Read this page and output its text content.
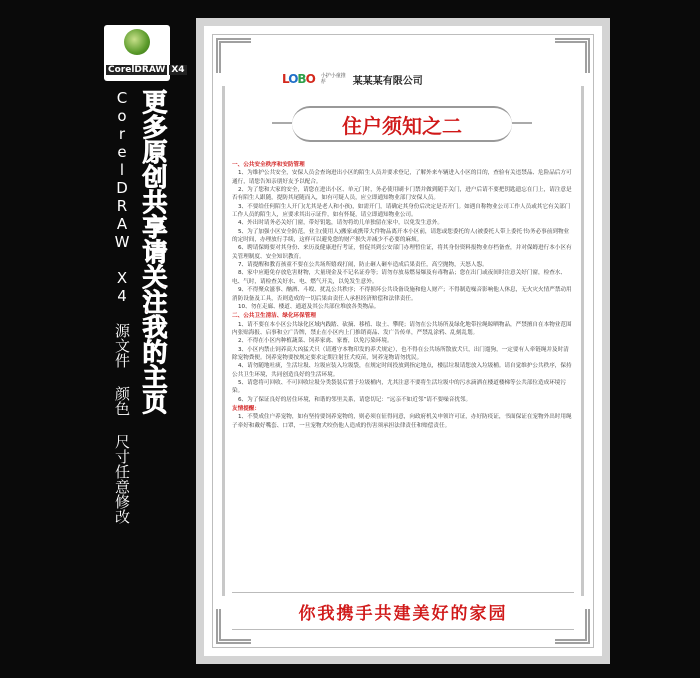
CorelDRAW X4
CorelDRAW X4 源文件 颜色 尺寸任意修改 更多原创共享请关注我的主页
LOBO 小护小童推荐	某某某有限公司
住户须知之二
一、公共安全秩序和安防管理

1、为维护公共安全，安保人员会查询进出小区的陌生人员并要求登记，了解外来车辆进入小区的目的，查验有关违禁品、危险品后方可通行，请您告知亲朋好友予以配合。

2、为了您和大家的安全，请您在进出小区、单元门时，务必使用刷卡门禁并做到随手关门，进户后请不要把钥匙遗忘在门上，请注意是否有陌生人跟随，提防其尾随而入，如有可疑人员，应立即通知物业部门安保人员。

3、不要给任何陌生人开门(尤其是老人和小孩)，如需开门，请确定其身份后决定是否开门。如遇自称物业公司工作人员或其它有关部门工作人员的陌生人，应要求其出示证件，如有怀疑，请立即通知物业公司。

4、外出时请务必关好门窗，带好钥匙，请勿将幼儿单独留在家中，以免发生意外。

5、为了加强小区安全防范，业主(使用人)搬家或携带大件物品离开本小区前，请您或您委托的人(被委托人带上委托书)务必事前到物业的定时间，办理放行手续，这样可以避免您的财产损失并减少不必要的麻烦。

6、聘请保姆要对其身份、来历及健康进行考证，督促其到公安部门办理暂住证，将其身份资料报物业存档备查，并对保姆进行本小区有关管理制度、安全知识教育。

7、请提醒和教育孩童不要在公共场所嬉戏打闹，防止砸人砸车造成后果责任，高空抛物，天怒人怨。

8、家中应避免存放危害财物，大量现金及不记名证券等；请勿存放易燃易爆及有毒物品；您在出门或夜间时注意关好门窗，检查水、电、气时，请检查关好水、电、燃气开关，以免发生意外。

9、不得聚众滋事、酗酒、斗殴、扰乱公共秩序；不得损坏公共设备设施和他人财产；不得制造噪音影响他人休息，无火灾火情严禁动用消防设备及工具，否则造成的一切后果由责任人承担经济赔偿和法律责任。

10、勿在走廊、楼道、通道及其公共部位堆放各类物品。

二、公共卫生清洁、绿化环保管理

1、请不要在本小区公共绿化区域内践踏、砍摘、移植、取土、攀爬；请勿在公共场所及绿化地带拉绳晾晒物品，严禁擅自在本物业范围内张贴海报、启事和立广告牌，禁止在小区内上门推销商品、发广告传单，严禁乱涂鸦、乱刻乱划。

2、不得在小区内种植蔬菜、饲养家禽、家畜，以免污染环境。

3、小区内禁止饲养高大凶猛犬只（请遵守本物印发的养犬规定），也不得在公共场所散放犬只，出门遛狗，一定要有人牵链绳并及时清除宠物粪便。饲养宠物要按规定要求定期注射狂犬疫苗，饲养宠物请勿扰民。

4、请勿随地吐痰，生活垃圾、垃圾应装入垃圾袋，在规定时间投放到指定地点，楼层垃圾请您放入垃圾桶。请自觉维护公共秩序，保持公共卫生环境，共同创造良好的生活环境。

5、请您将可回收、不可回收垃圾分类袋装后置于垃圾桶内，尤其注意不要将生活垃圾中的污水滴洒在楼道楼梯等公共部位造成环境污染。

6、为了保证良好的居住环境，和谐的邻里关系，请您切记：“远亲不如近邻”请不要噪音扰邻。

友情提醒：

1、不赞成住户养宠物，如有坚持要饲养宠物的，则必须在征得同意，向政府机关申领许可证，办好防疫证，书面保证在宠物外出时用绳子牵好和戴好嘴套、口罩，一旦宠物犬咬伤他人造成的伤害须承担法律责任和赔偿责任。

你我携手共建美好的家园
